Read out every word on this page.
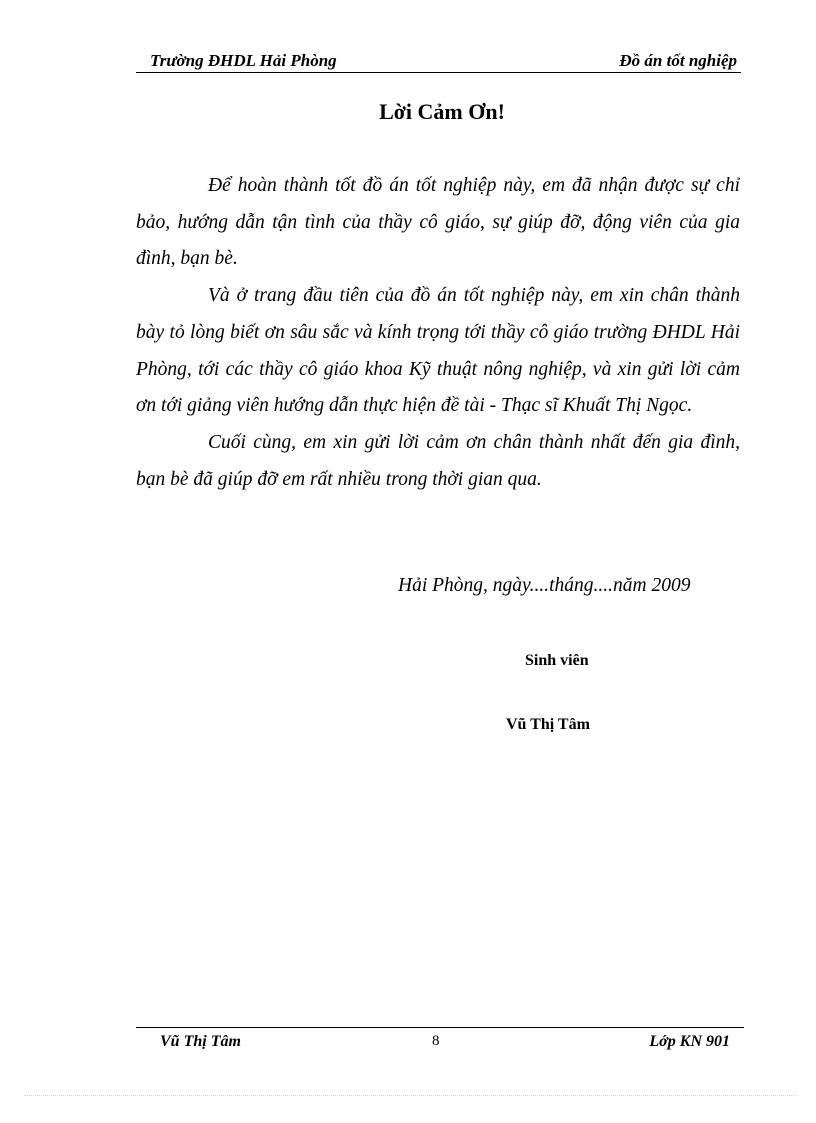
Trường ĐHDL Hải Phòng	Đồ án tốt nghiệp
Lời Cảm Ơn!

Để hoàn thành tốt đồ án tốt nghiệp này, em đã nhận được sự chỉ bảo, hướng dẫn tận tình của thầy cô giáo, sự giúp đỡ, động viên của gia đình, bạn bè.

Và ở trang đầu tiên của đồ án tốt nghiệp này, em xin chân thành bày tỏ lòng biết ơn sâu sắc và kính trọng tới thầy cô giáo trường ĐHDL Hải Phòng, tới các thầy cô giáo khoa Kỹ thuật nông nghiệp, và xin gửi lời cảm ơn tới giảng viên hướng dẫn thực hiện đề tài - Thạc sĩ Khuất Thị Ngọc.

Cuối cùng, em xin gửi lời cảm ơn chân thành nhất đến gia đình, bạn bè đã giúp đỡ em rất nhiều trong thời gian qua.

Hải Phòng, ngày....tháng....năm 2009
Sinh viên
Vũ Thị Tâm
Vũ Thị Tâm	8	Lớp KN 901
